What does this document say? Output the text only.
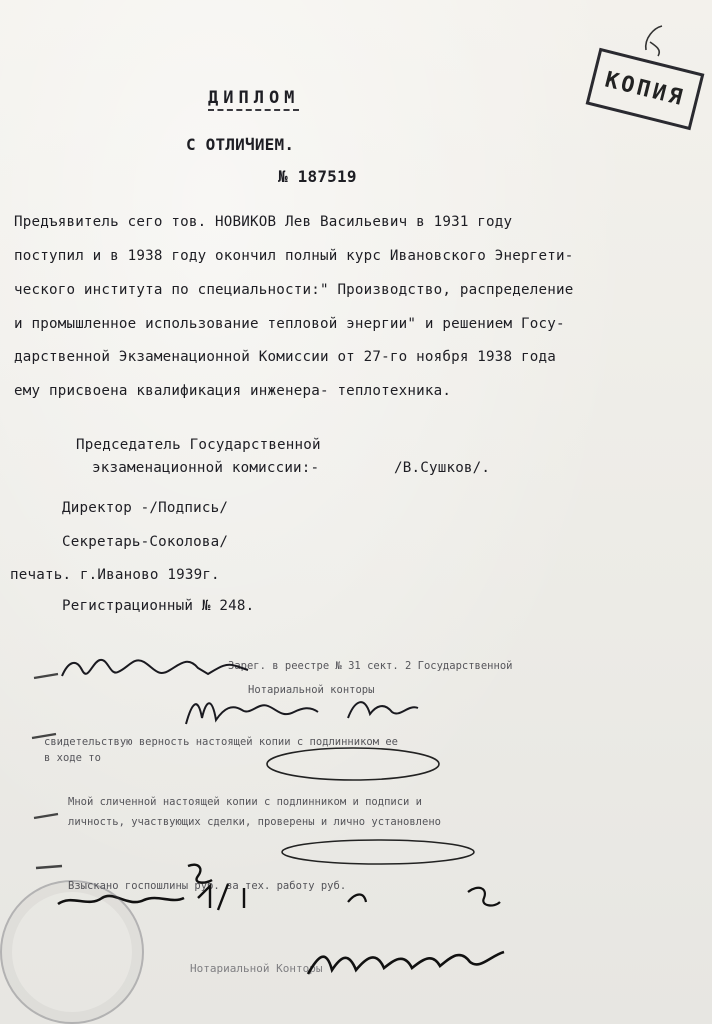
КОПИЯ
ДИПЛОМ
С ОТЛИЧИЕМ.
№ 187519
Предъявитель сего тов. НОВИКОВ Лев Васильевич в 1931 году
поступил и в 1938 году окончил полный курс Ивановского Энергети-
ческого института по специальности:" Производство, распределение
и промышленное использование тепловой энергии" и решением Госу-
дарственной Экзаменационной Комиссии от 27-го ноября 1938 года
ему присвоена квалификация инженера- теплотехника.
Председатель Государственной
экзаменационной комиссии:-	/В.Сушков/.
Директор -/Подпись/
Секретарь-Соколова/
печать. г.Иваново 1939г.
Регистрационный № 248.
Зарег. в реестре № 31 сект. 2 Государственной
Нотариальной конторы
свидетельствую верность настоящей копии с подлинником ее
в ходе то
Мной сличенной настоящей копии с подлинником и подписи и
личность, участвующих сделки, проверены и лично установлено
Взыскано госпошлины руб. за тех. работу руб.
Нотариальной Конторы
